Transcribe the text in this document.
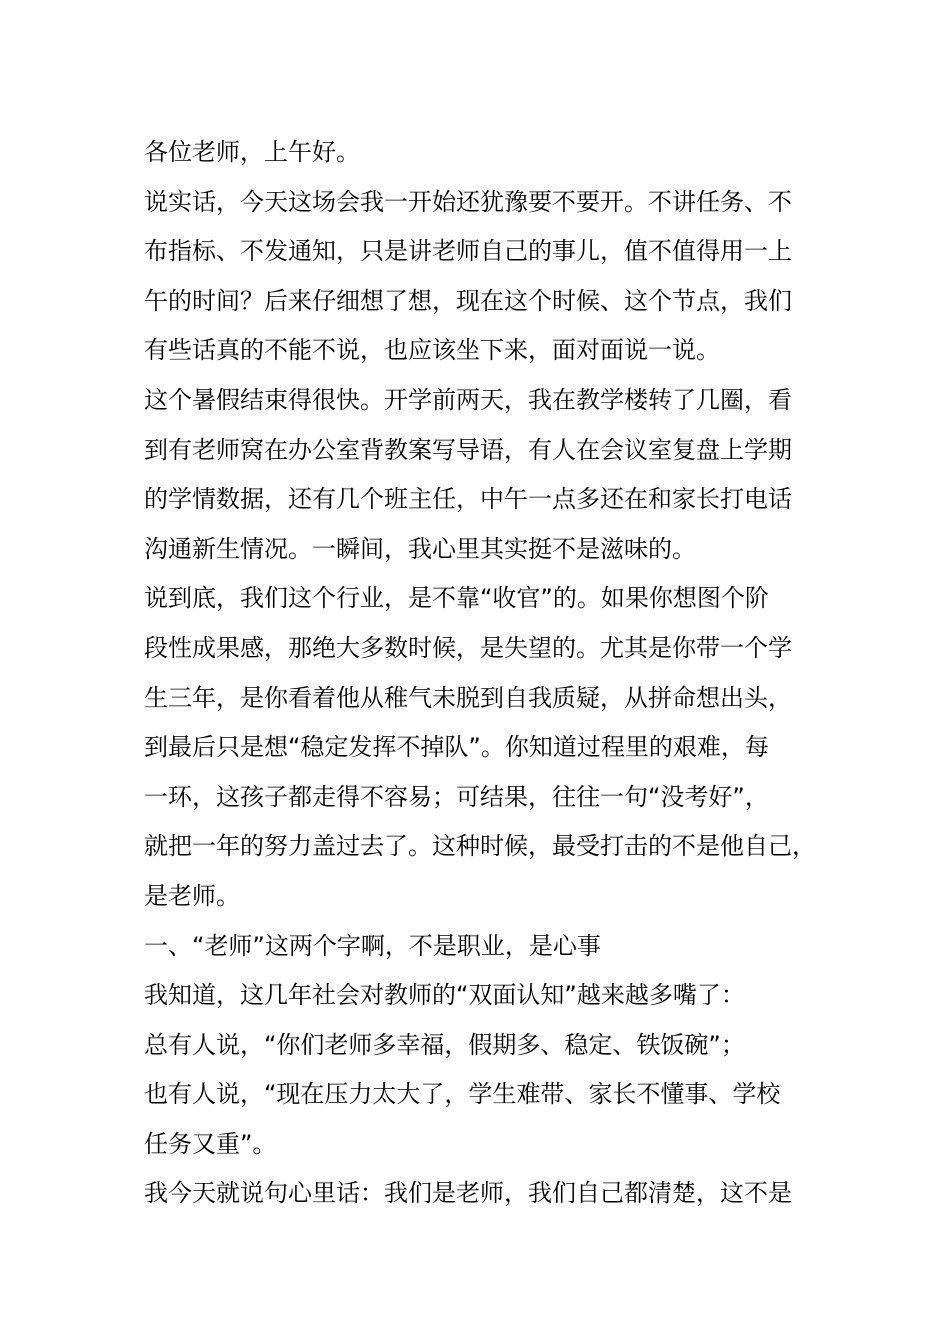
各位老师，上午好。
说实话，今天这场会我一开始还犹豫要不要开。不讲任务、不
布指标、不发通知，只是讲老师自己的事儿，值不值得用一上
午的时间？后来仔细想了想，现在这个时候、这个节点，我们
有些话真的不能不说，也应该坐下来，面对面说一说。
这个暑假结束得很快。开学前两天，我在教学楼转了几圈，看
到有老师窝在办公室背教案写导语，有人在会议室复盘上学期
的学情数据，还有几个班主任，中午一点多还在和家长打电话
沟通新生情况。一瞬间，我心里其实挺不是滋味的。
说到底，我们这个行业，是不靠“收官”的。如果你想图个阶
段性成果感，那绝大多数时候，是失望的。尤其是你带一个学
生三年，是你看着他从稚气未脱到自我质疑，从拼命想出头，
到最后只是想“稳定发挥不掉队”。你知道过程里的艰难，每
一环，这孩子都走得不容易；可结果，往往一句“没考好”，
就把一年的努力盖过去了。这种时候，最受打击的不是他自己，
是老师。
一、“老师”这两个字啊，不是职业，是心事
我知道，这几年社会对教师的“双面认知”越来越多嘴了：
总有人说，“你们老师多幸福，假期多、稳定、铁饭碗”；
也有人说，“现在压力太大了，学生难带、家长不懂事、学校
任务又重”。
我今天就说句心里话：我们是老师，我们自己都清楚，这不是
